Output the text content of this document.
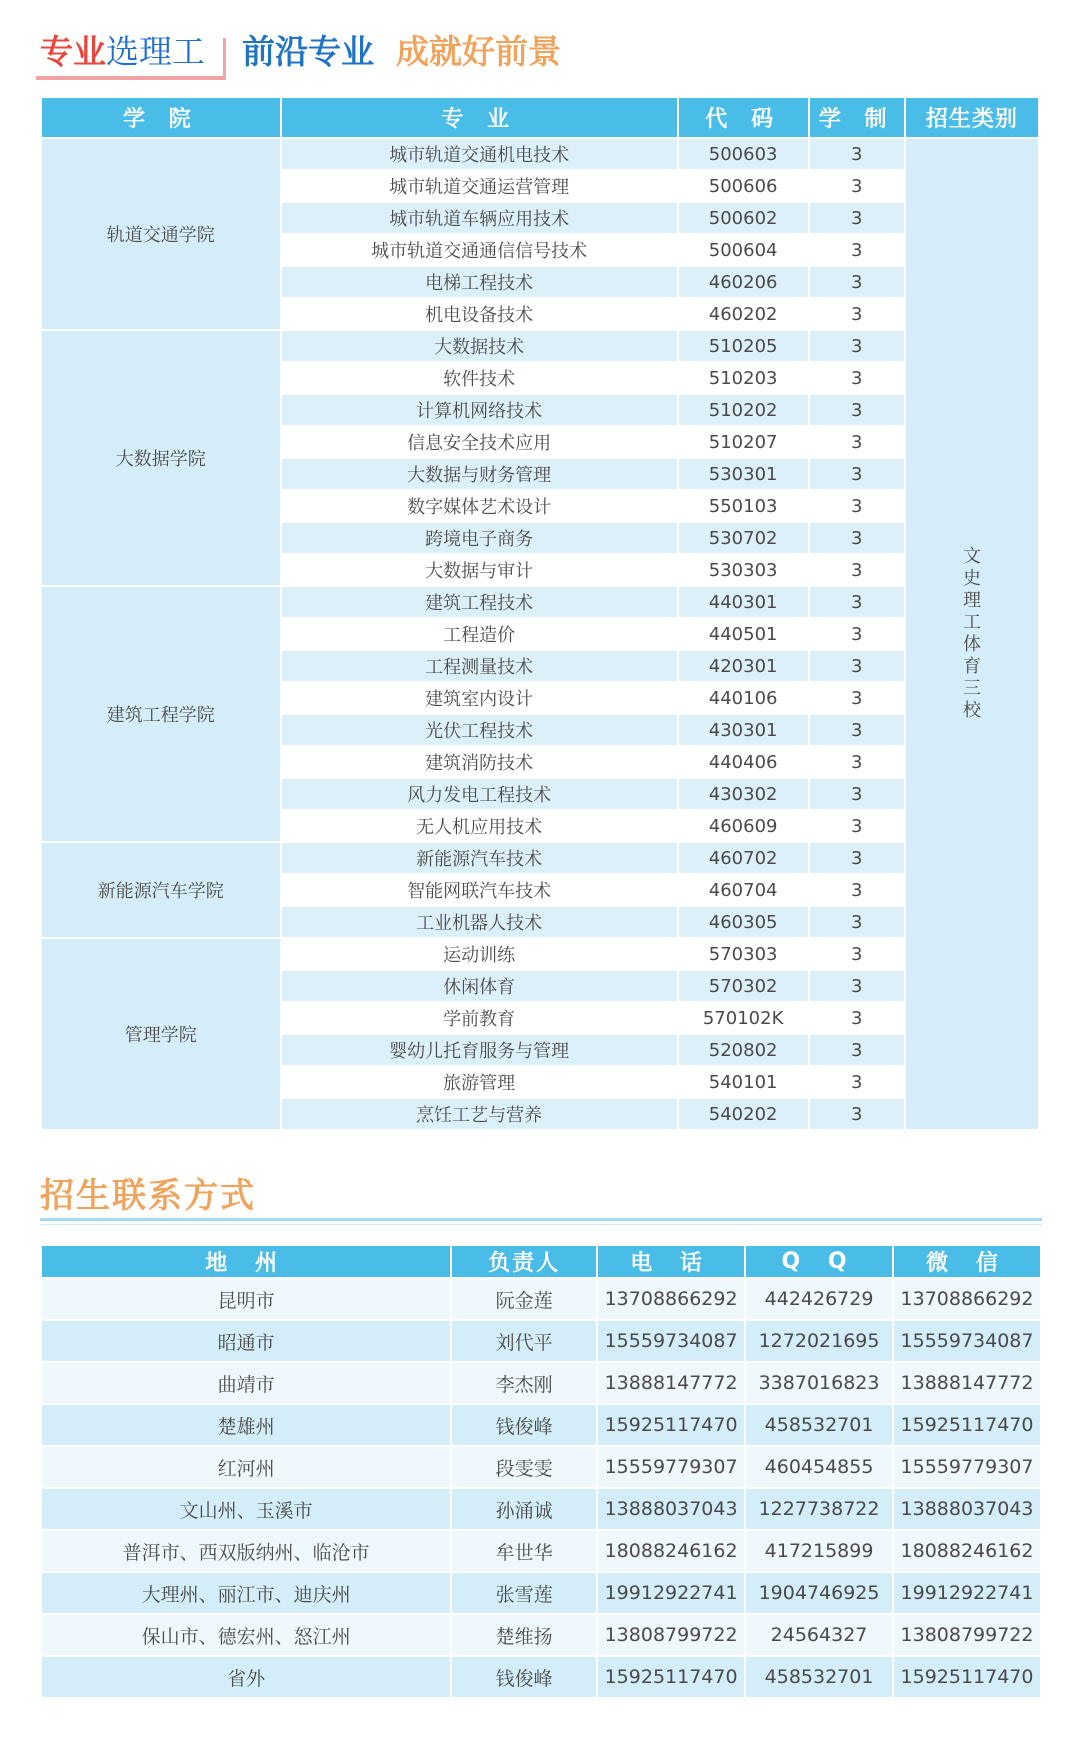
专业选理工 前沿专业 成就好前景
学 院	专 业	代 码	学 制	招生类别
轨道交通学院	城市轨道交通机电技术	500603	3	文史 理工 体育 三校
	城市轨道交通运营管理	500606	3	
	城市轨道车辆应用技术	500602	3	
	城市轨道交通通信信号技术	500604	3	
	电梯工程技术	460206	3	
	机电设备技术	460202	3	
大数据学院	大数据技术	510205	3	
	软件技术	510203	3	
	计算机网络技术	510202	3	
	信息安全技术应用	510207	3	
	大数据与财务管理	530301	3	
	数字媒体艺术设计	550103	3	
	跨境电子商务	530702	3	
	大数据与审计	530303	3	
建筑工程学院	建筑工程技术	440301	3	
	工程造价	440501	3	
	工程测量技术	420301	3	
	建筑室内设计	440106	3	
	光伏工程技术	430301	3	
	建筑消防技术	440406	3	
	风力发电工程技术	430302	3	
	无人机应用技术	460609	3	
新能源汽车学院	新能源汽车技术	460702	3	
	智能网联汽车技术	460704	3	
	工业机器人技术	460305	3	
管理学院	运动训练	570303	3	
	休闲体育	570302	3	
	学前教育	570102K	3	
	婴幼儿托育服务与管理	520802	3	
	旅游管理	540101	3	
	烹饪工艺与营养	540202	3	
招生联系方式
地 州	负责人	电 话	Q Q	微 信
昆明市	阮金莲	13708866292	442426729	13708866292
昭通市	刘代平	15559734087	1272021695	15559734087
曲靖市	李杰刚	13888147772	3387016823	13888147772
楚雄州	钱俊峰	15925117470	458532701	15925117470
红河州	段雯雯	15559779307	460454855	15559779307
文山州、玉溪市	孙涌诚	13888037043	1227738722	13888037043
普洱市、西双版纳州、临沧市	牟世华	18088246162	417215899	18088246162
大理州、丽江市、迪庆州	张雪莲	19912922741	1904746925	19912922741
保山市、德宏州、怒江州	楚维扬	13808799722	24564327	13808799722
省外	钱俊峰	15925117470	458532701	15925117470
